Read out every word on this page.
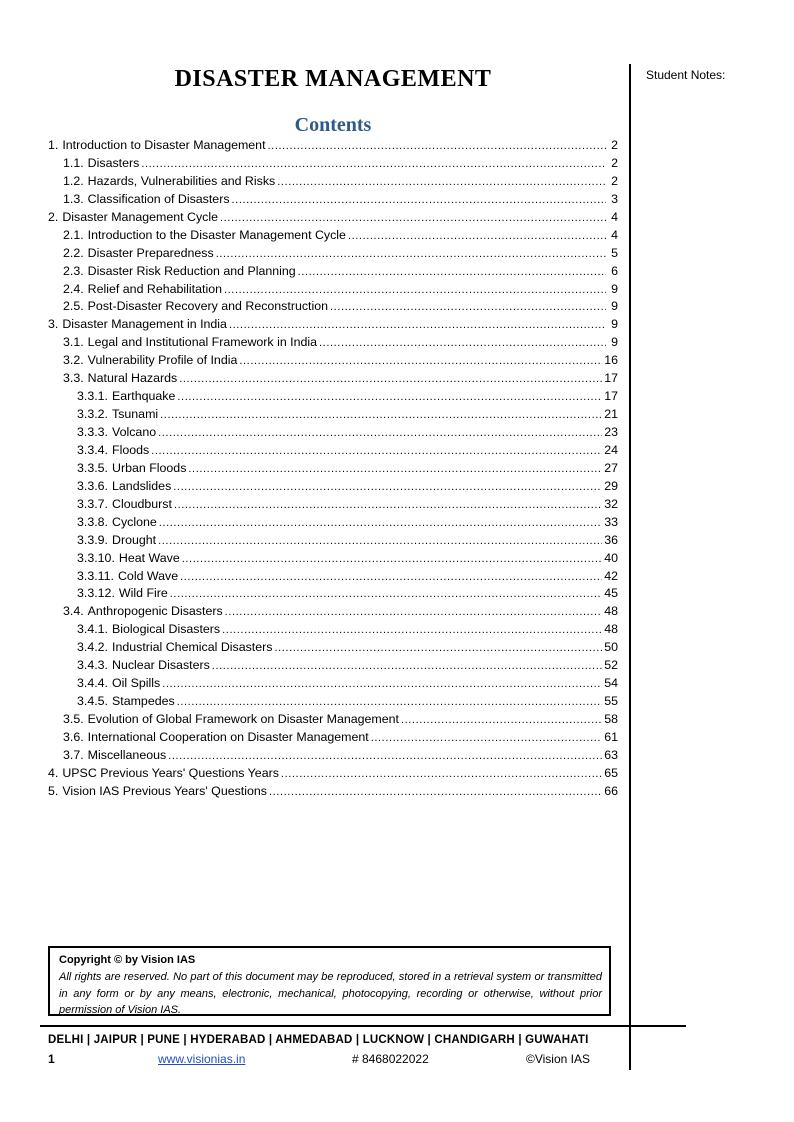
DISASTER MANAGEMENT
Contents
Student Notes:
1. Introduction to Disaster Management .....	2
1.1. Disasters .....	2
1.2. Hazards, Vulnerabilities and Risks .....	2
1.3. Classification of Disasters .....	3
2. Disaster Management Cycle .....	4
2.1. Introduction to the Disaster Management Cycle .....	4
2.2. Disaster Preparedness .....	5
2.3. Disaster Risk Reduction and Planning .....	6
2.4. Relief and Rehabilitation .....	9
2.5. Post-Disaster Recovery and Reconstruction .....	9
3. Disaster Management in India .....	9
3.1. Legal and Institutional Framework in India .....	9
3.2. Vulnerability Profile of India .....	16
3.3. Natural Hazards .....	17
3.3.1. Earthquake .....	17
3.3.2. Tsunami .....	21
3.3.3. Volcano .....	23
3.3.4. Floods .....	24
3.3.5. Urban Floods .....	27
3.3.6. Landslides .....	29
3.3.7. Cloudburst .....	32
3.3.8. Cyclone .....	33
3.3.9. Drought .....	36
3.3.10. Heat Wave .....	40
3.3.11. Cold Wave .....	42
3.3.12. Wild Fire .....	45
3.4. Anthropogenic Disasters .....	48
3.4.1. Biological Disasters .....	48
3.4.2. Industrial Chemical Disasters .....	50
3.4.3. Nuclear Disasters .....	52
3.4.4. Oil Spills .....	54
3.4.5. Stampedes .....	55
3.5. Evolution of Global Framework on Disaster Management .....	58
3.6. International Cooperation on Disaster Management .....	61
3.7. Miscellaneous .....	63
4. UPSC Previous Years' Questions Years .....	65
5. Vision IAS Previous Years' Questions .....	66
Copyright © by Vision IAS
All rights are reserved. No part of this document may be reproduced, stored in a retrieval system or transmitted in any form or by any means, electronic, mechanical, photocopying, recording or otherwise, without prior permission of Vision IAS.
DELHI | JAIPUR | PUNE | HYDERABAD | AHMEDABAD | LUCKNOW | CHANDIGARH | GUWAHATI
1	www.visionias.in	# 8468022022	©Vision IAS
